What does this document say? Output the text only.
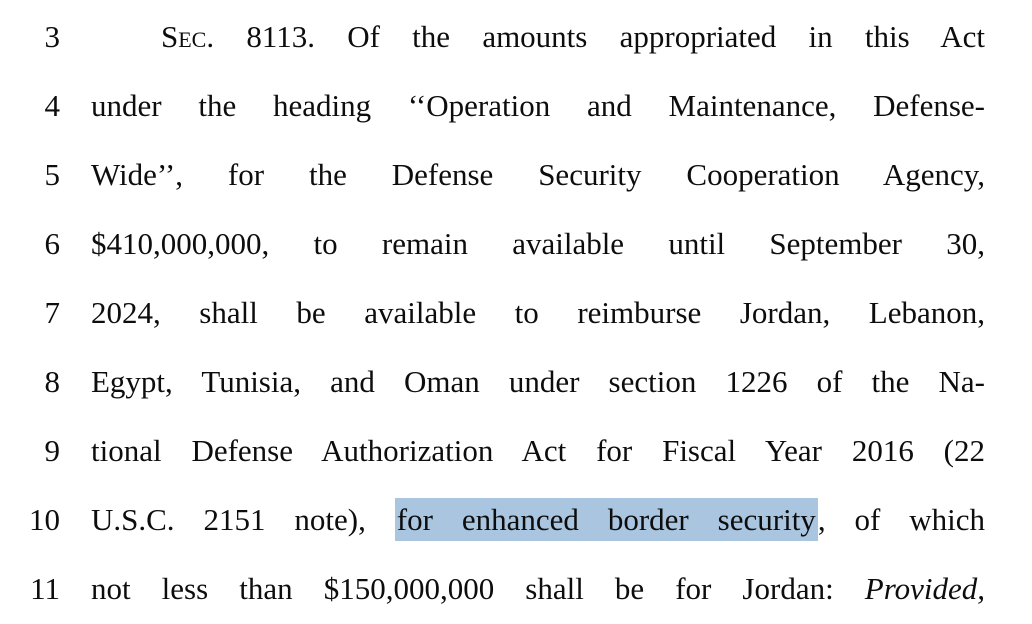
3	Sec. 8113. Of the amounts appropriated in this Act
4 under the heading ‘‘Operation and Maintenance, Defense-
5 Wide’’, for the Defense Security Cooperation Agency,
6 $410,000,000, to remain available until September 30,
7 2024, shall be available to reimburse Jordan, Lebanon,
8 Egypt, Tunisia, and Oman under section 1226 of the Na-
9 tional Defense Authorization Act for Fiscal Year 2016 (22
10 U.S.C. 2151 note), for enhanced border security, of which
11 not less than $150,000,000 shall be for Jordan: Provided,
